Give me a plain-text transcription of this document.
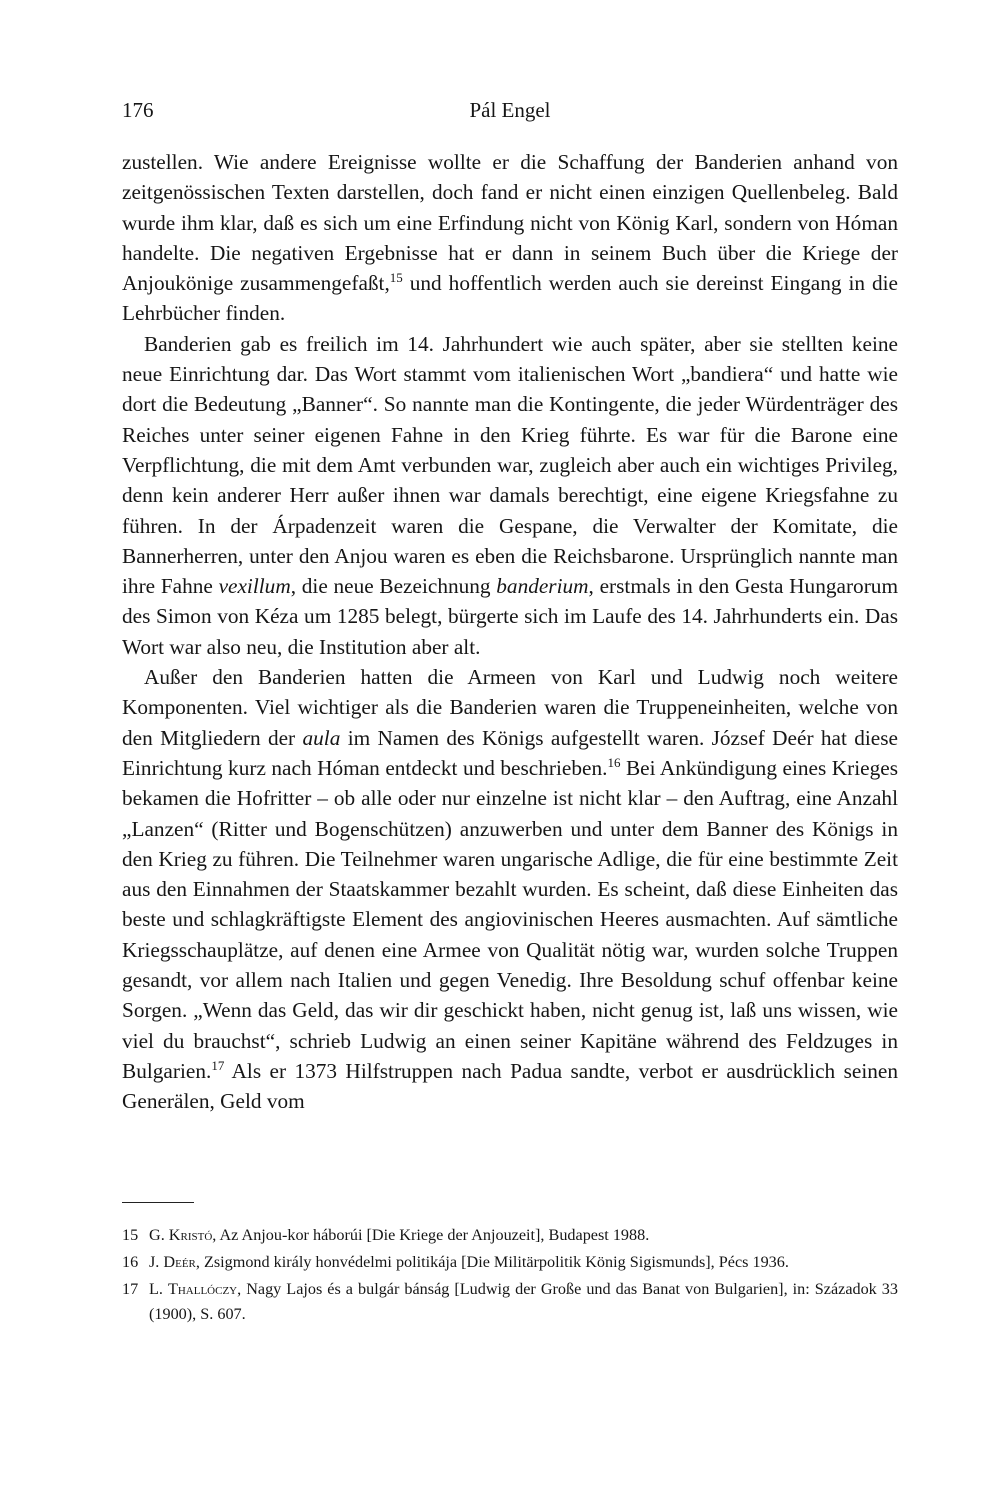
176	Pál Engel

zustellen. Wie andere Ereignisse wollte er die Schaffung der Banderien anhand von zeitgenössischen Texten darstellen, doch fand er nicht einen einzigen Quellenbeleg. Bald wurde ihm klar, daß es sich um eine Erfindung nicht von König Karl, sondern von Hóman handelte. Die negativen Ergebnisse hat er dann in seinem Buch über die Kriege der Anjoukönige zusammengefaßt,$^{15}$ und hoffentlich werden auch sie dereinst Eingang in die Lehrbücher finden.

Banderien gab es freilich im 14. Jahrhundert wie auch später, aber sie stellten keine neue Einrichtung dar. Das Wort stammt vom italienischen Wort „bandiera“ und hatte wie dort die Bedeutung „Banner“. So nannte man die Kontingente, die jeder Würdenträger des Reiches unter seiner eigenen Fahne in den Krieg führte. Es war für die Barone eine Verpflichtung, die mit dem Amt verbunden war, zugleich aber auch ein wichtiges Privileg, denn kein anderer Herr außer ihnen war damals berechtigt, eine eigene Kriegsfahne zu führen. In der Árpadenzeit waren die Gespane, die Verwalter der Komitate, die Bannerherren, unter den Anjou waren es eben die Reichsbarone. Ursprünglich nannte man ihre Fahne vexillum, die neue Bezeichnung banderium, erstmals in den Gesta Hungarorum des Simon von Kéza um 1285 belegt, bürgerte sich im Laufe des 14. Jahrhunderts ein. Das Wort war also neu, die Institution aber alt.

Außer den Banderien hatten die Armeen von Karl und Ludwig noch weitere Komponenten. Viel wichtiger als die Banderien waren die Truppeneinheiten, welche von den Mitgliedern der aula im Namen des Königs aufgestellt waren. József Deér hat diese Einrichtung kurz nach Hóman entdeckt und beschrieben.$^{16}$ Bei Ankündigung eines Krieges bekamen die Hofritter – ob alle oder nur einzelne ist nicht klar – den Auftrag, eine Anzahl „Lanzen“ (Ritter und Bogenschützen) anzuwerben und unter dem Banner des Königs in den Krieg zu führen. Die Teilnehmer waren ungarische Adlige, die für eine bestimmte Zeit aus den Einnahmen der Staatskammer bezahlt wurden. Es scheint, daß diese Einheiten das beste und schlagkräftigste Element des angiovinischen Heeres ausmachten. Auf sämtliche Kriegsschauplätze, auf denen eine Armee von Qualität nötig war, wurden solche Truppen gesandt, vor allem nach Italien und gegen Venedig. Ihre Besoldung schuf offenbar keine Sorgen. „Wenn das Geld, das wir dir geschickt haben, nicht genug ist, laß uns wissen, wie viel du brauchst“, schrieb Ludwig an einen seiner Kapitäne während des Feldzuges in Bulgarien.$^{17}$ Als er 1373 Hilfstruppen nach Padua sandte, verbot er ausdrücklich seinen Generälen, Geld vom

15 G. Kristó, Az Anjou-kor háborúi [Die Kriege der Anjouzeit], Budapest 1988.
16 J. Deér, Zsigmond király honvédelmi politikája [Die Militärpolitik König Sigismunds], Pécs 1936.
17 L. Thallóczy, Nagy Lajos és a bulgár bánság [Ludwig der Große und das Banat von Bulgarien], in: Századok 33 (1900), S. 607.
